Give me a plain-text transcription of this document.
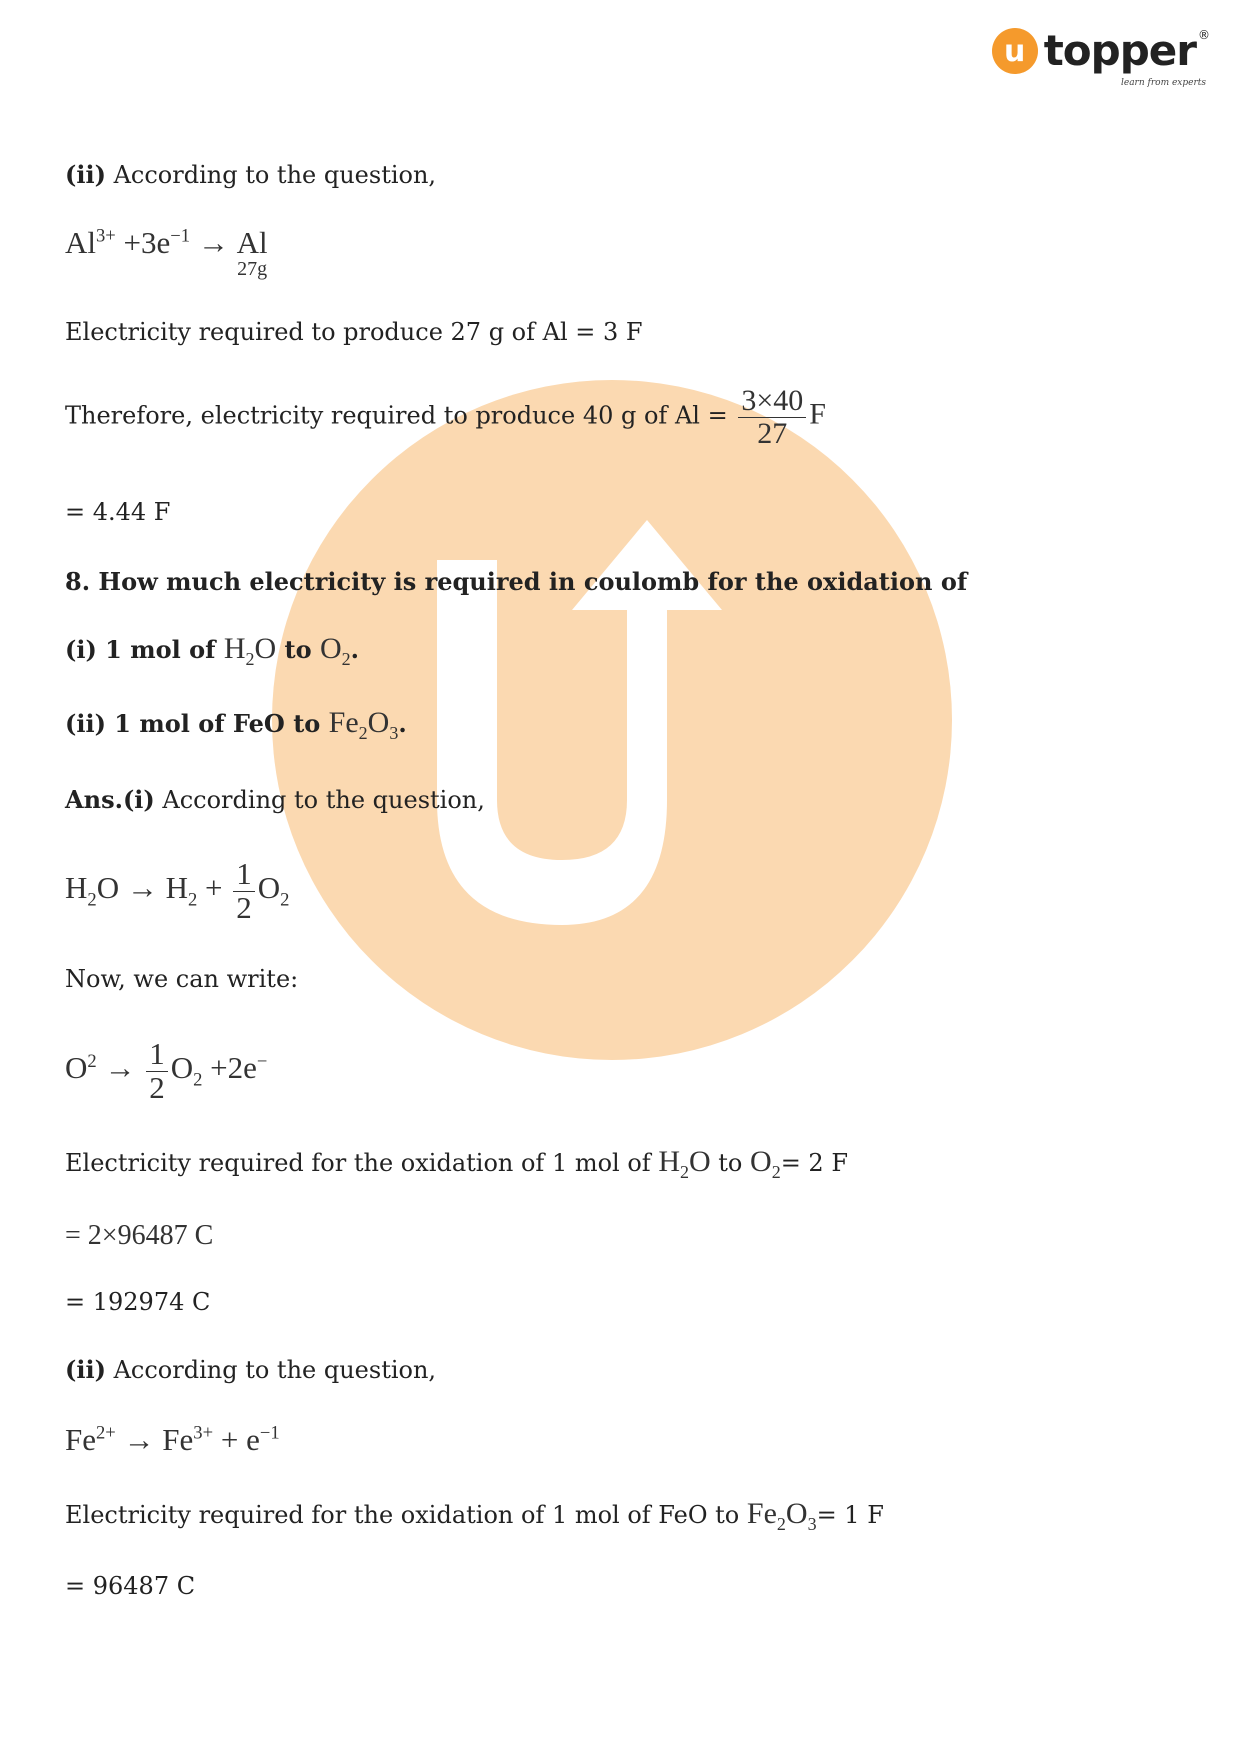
u topper ®
learn from experts
(ii) According to the question,
$Al^{3+} +3e^{-1} \to Al$
27g
Electricity required to produce 27 g of Al = 3 F
Therefore, electricity required to produce 40 g of $Al = \frac{3\times 40}{27}$ F
= 4.44 F
8. How much electricity is required in coulomb for the oxidation of
(i) 1 mol of $H_2O$ to $O_2$.
(ii) 1 mol of FeO to $Fe_2O_3$.
Ans.(i) According to the question,
$H_2O \to H_2 + \frac{1}{2} O_2$
Now, we can write:
$O^2 \to \frac{1}{2} O_2 +2e^-$
Electricity required for the oxidation of 1 mol of $H_2O$ to $O_2= 2$ F
= 2×96487 C
= 192974 C
(ii) According to the question,
$Fe^{2+} \to Fe^{3+} + e^{-1}$
Electricity required for the oxidation of 1 mol of FeO to $Fe_2O_3= 1$ F
= 96487 C
